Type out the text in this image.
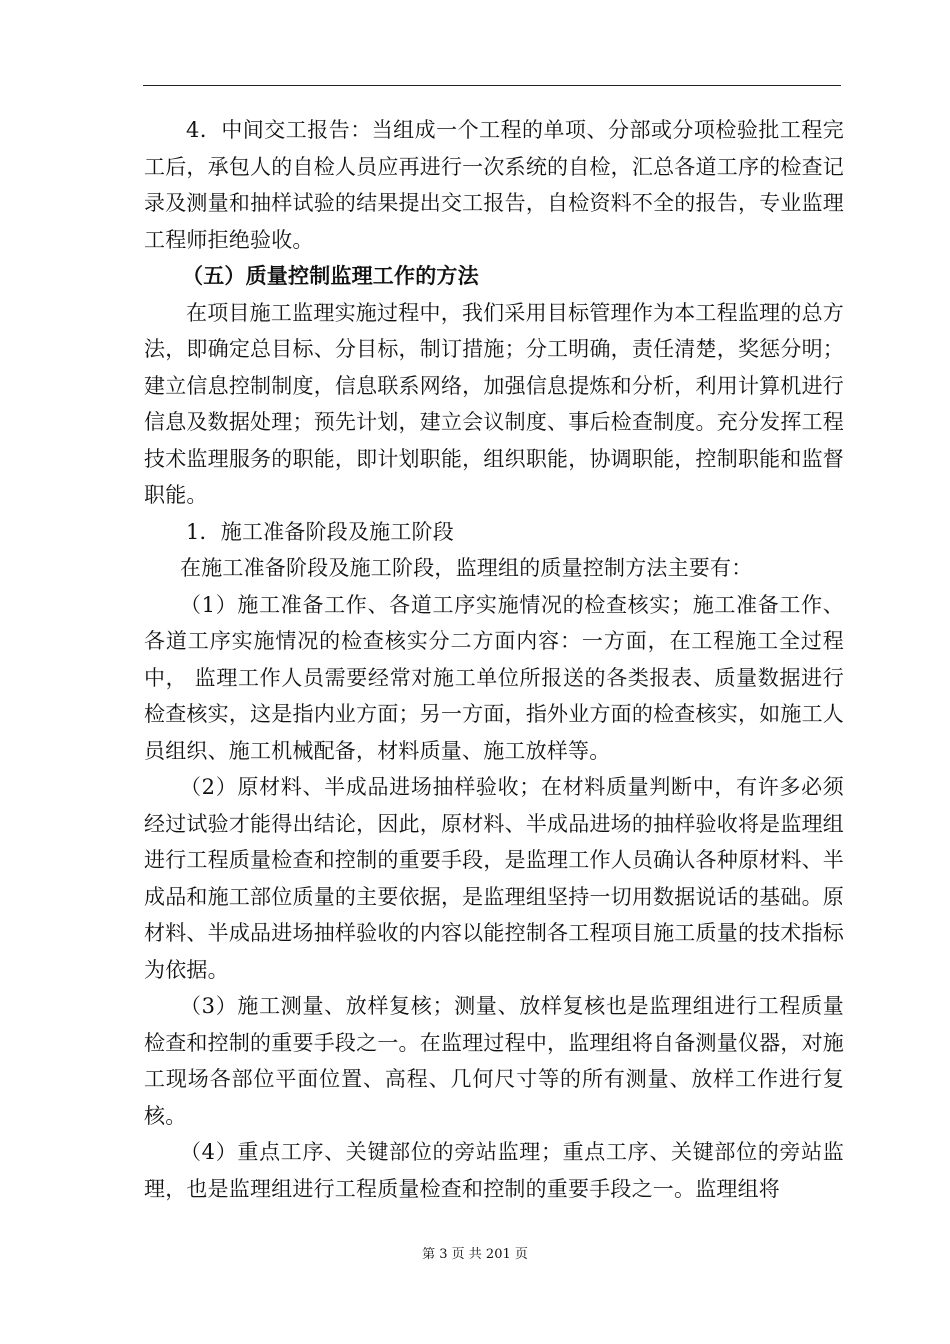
4．中间交工报告：当组成一个工程的单项、分部或分项检验批工程完工后，承包人的自检人员应再进行一次系统的自检，汇总各道工序的检查记录及测量和抽样试验的结果提出交工报告，自检资料不全的报告，专业监理工程师拒绝验收。

（五）质量控制监理工作的方法

在项目施工监理实施过程中，我们采用目标管理作为本工程监理的总方法，即确定总目标、分目标，制订措施；分工明确，责任清楚，奖惩分明；建立信息控制制度，信息联系网络，加强信息提炼和分析，利用计算机进行信息及数据处理；预先计划，建立会议制度、事后检查制度。充分发挥工程技术监理服务的职能，即计划职能，组织职能，协调职能，控制职能和监督职能。

1．施工准备阶段及施工阶段

在施工准备阶段及施工阶段，监理组的质量控制方法主要有：

（1）施工准备工作、各道工序实施情况的检查核实；施工准备工作、各道工序实施情况的检查核实分二方面内容：一方面，在工程施工全过程中， 监理工作人员需要经常对施工单位所报送的各类报表、质量数据进行检查核实，这是指内业方面；另一方面，指外业方面的检查核实，如施工人员组织、施工机械配备，材料质量、施工放样等。

（2）原材料、半成品进场抽样验收；在材料质量判断中，有许多必须经过试验才能得出结论，因此，原材料、半成品进场的抽样验收将是监理组进行工程质量检查和控制的重要手段，是监理工作人员确认各种原材料、半成品和施工部位质量的主要依据，是监理组坚持一切用数据说话的基础。原材料、半成品进场抽样验收的内容以能控制各工程项目施工质量的技术指标为依据。

（3）施工测量、放样复核；测量、放样复核也是监理组进行工程质量检查和控制的重要手段之一。在监理过程中，监理组将自备测量仪器，对施工现场各部位平面位置、高程、几何尺寸等的所有测量、放样工作进行复核。

（4）重点工序、关键部位的旁站监理；重点工序、关键部位的旁站监理，也是监理组进行工程质量检查和控制的重要手段之一。监理组将

第 3 页 共 201 页
